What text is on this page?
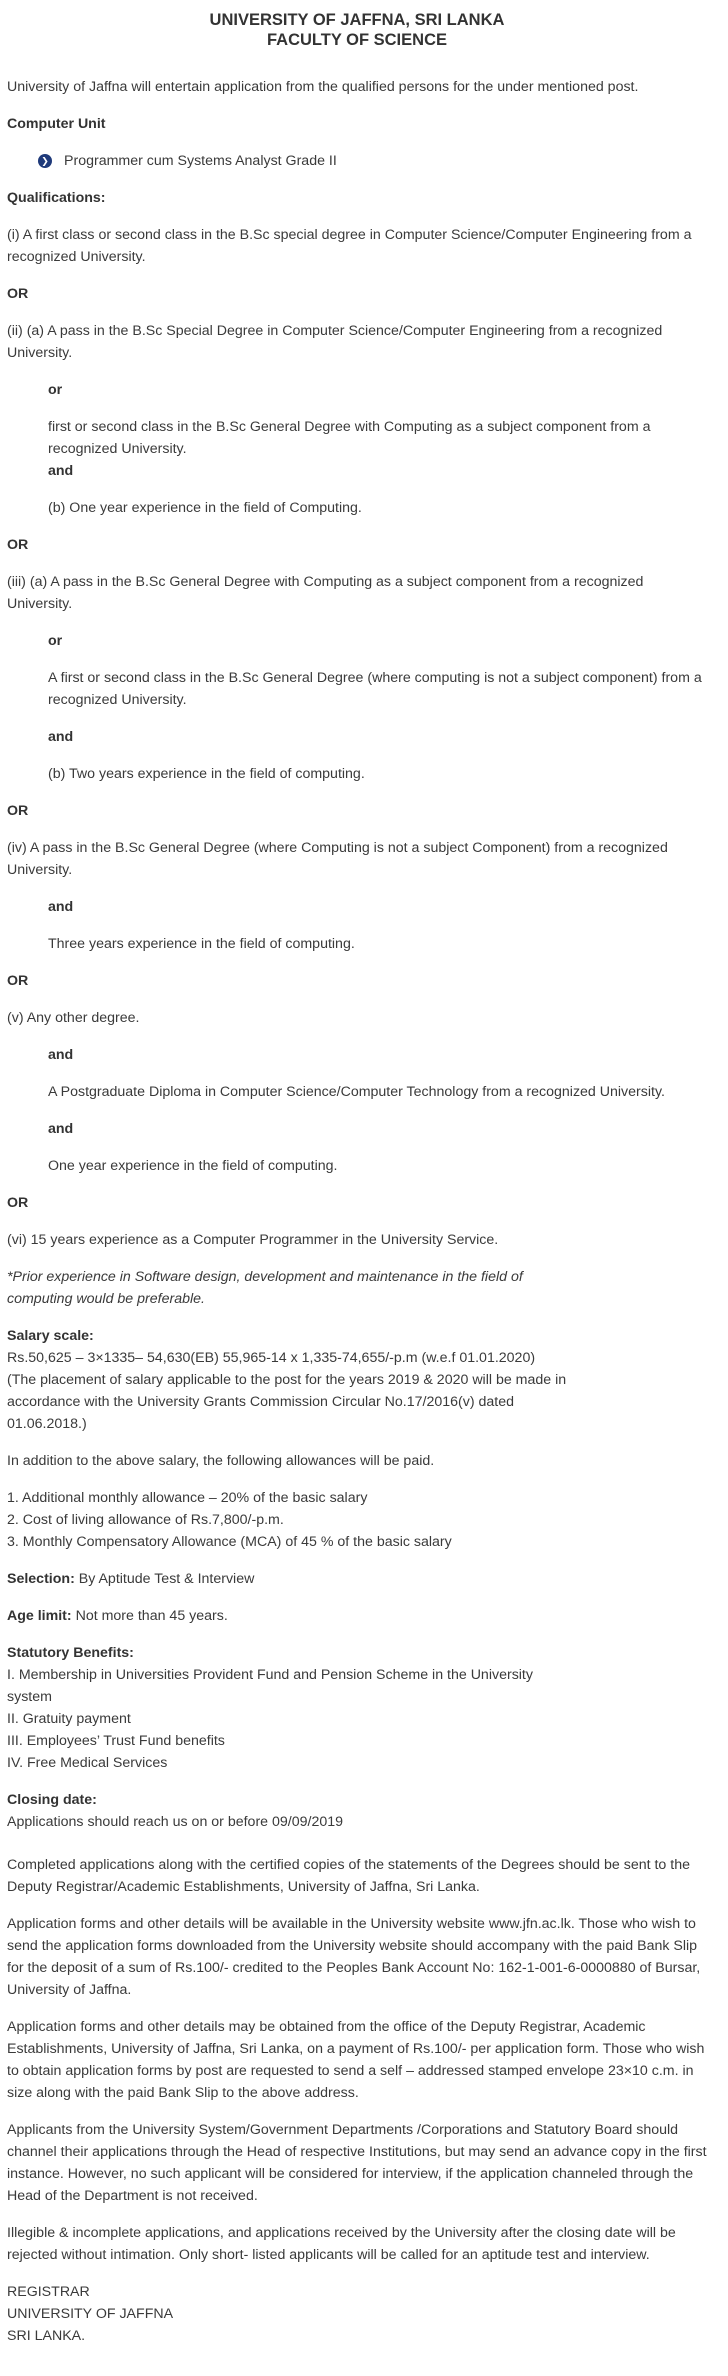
UNIVERSITY OF JAFFNA, SRI LANKA
FACULTY OF SCIENCE

University of Jaffna will entertain application from the qualified persons for the under mentioned post.

Computer Unit

❯ Programmer cum Systems Analyst Grade II

Qualifications:

(i) A first class or second class in the B.Sc special degree in Computer Science/Computer Engineering from a recognized University.

OR

(ii) (a) A pass in the B.Sc Special Degree in Computer Science/Computer Engineering from a recognized University.

or

first or second class in the B.Sc General Degree with Computing as a subject component from a recognized University.

and

(b) One year experience in the field of Computing.

OR

(iii) (a) A pass in the B.Sc General Degree with Computing as a subject component from a recognized University.

or

A first or second class in the B.Sc General Degree (where computing is not a subject component) from a recognized University.

and

(b) Two years experience in the field of computing.

OR

(iv) A pass in the B.Sc General Degree (where Computing is not a subject Component) from a recognized University.

and

Three years experience in the field of computing.

OR

(v) Any other degree.

and

A Postgraduate Diploma in Computer Science/Computer Technology from a recognized University.

and

One year experience in the field of computing.

OR

(vi) 15 years experience as a Computer Programmer in the University Service.

*Prior experience in Software design, development and maintenance in the field of
computing would be preferable.
Salary scale:
Rs.50,625 – 3×1335– 54,630(EB) 55,965-14 x 1,335-74,655/-p.m (w.e.f 01.01.2020)
(The placement of salary applicable to the post for the years 2019 & 2020 will be made in
accordance with the University Grants Commission Circular No.17/2016(v) dated
01.06.2018.)

In addition to the above salary, the following allowances will be paid.

1. Additional monthly allowance – 20% of the basic salary
2. Cost of living allowance of Rs.7,800/-p.m.
3. Monthly Compensatory Allowance (MCA) of 45 % of the basic salary

Selection: By Aptitude Test & Interview

Age limit: Not more than 45 years.

Statutory Benefits:
I. Membership in Universities Provident Fund and Pension Scheme in the University
system
II. Gratuity payment
III. Employees’ Trust Fund benefits
IV. Free Medical Services
Closing date:
Applications should reach us on or before 09/09/2019

Completed applications along with the certified copies of the statements of the Degrees should be sent to the Deputy Registrar/Academic Establishments, University of Jaffna, Sri Lanka.

Application forms and other details will be available in the University website www.jfn.ac.lk. Those who wish to send the application forms downloaded from the University website should accompany with the paid Bank Slip for the deposit of a sum of Rs.100/- credited to the Peoples Bank Account No: 162-1-001-6-0000880 of Bursar, University of Jaffna.

Application forms and other details may be obtained from the office of the Deputy Registrar, Academic Establishments, University of Jaffna, Sri Lanka, on a payment of Rs.100/- per application form. Those who wish to obtain application forms by post are requested to send a self – addressed stamped envelope 23×10 c.m. in size along with the paid Bank Slip to the above address.

Applicants from the University System/Government Departments /Corporations and Statutory Board should channel their applications through the Head of respective Institutions, but may send an advance copy in the first instance. However, no such applicant will be considered for interview, if the application channeled through the Head of the Department is not received.

Illegible & incomplete applications, and applications received by the University after the closing date will be rejected without intimation. Only short- listed applicants will be called for an aptitude test and interview.

REGISTRAR
UNIVERSITY OF JAFFNA
SRI LANKA.
